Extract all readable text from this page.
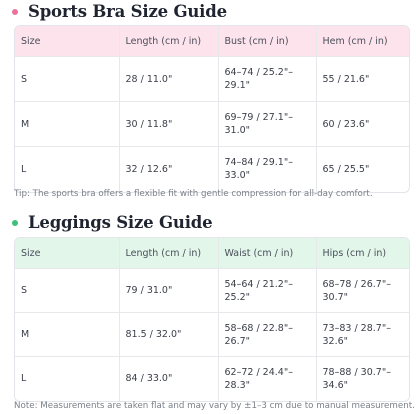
Sports Bra Size Guide
Size	Length (cm / in)	Bust (cm / in)	Hem (cm / in)
S	28 / 11.0"	64–74 / 25.2"–29.1"	55 / 21.6"
M	30 / 11.8"	69–79 / 27.1"–31.0"	60 / 23.6"
L	32 / 12.6"	74–84 / 29.1"–33.0"	65 / 25.5"
Tip: The sports bra offers a flexible fit with gentle compression for all-day comfort.
Leggings Size Guide
Size	Length (cm / in)	Waist (cm / in)	Hips (cm / in)
S	79 / 31.0"	54–64 / 21.2"–25.2"	68–78 / 26.7"–30.7"
M	81.5 / 32.0"	58–68 / 22.8"–26.7"	73–83 / 28.7"–32.6"
L	84 / 33.0"	62–72 / 24.4"–28.3"	78–88 / 30.7"–34.6"
Note: Measurements are taken flat and may vary by ±1–3 cm due to manual measurement.
